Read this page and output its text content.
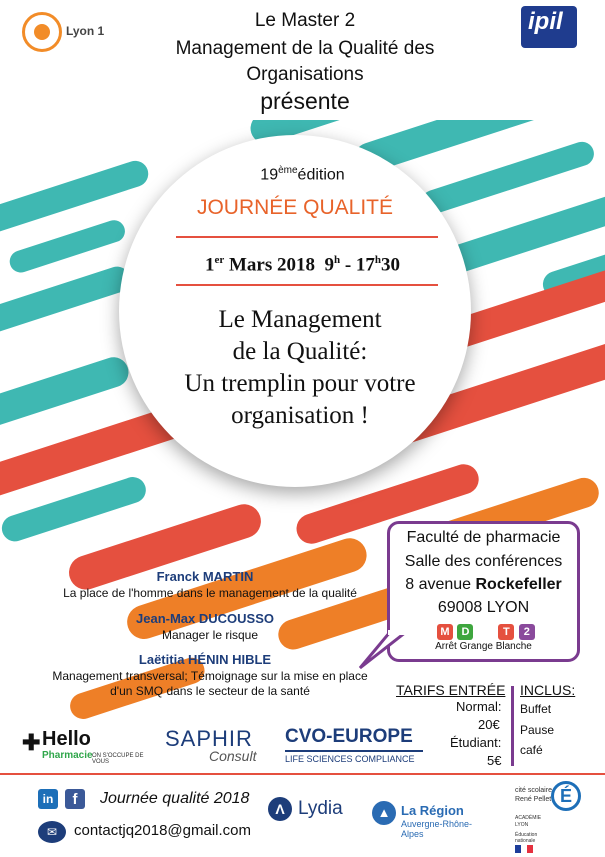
Lyon 1	ipil
Le Master 2
Management de la Qualité des
Organisations
présente
19èmeédition
JOURNÉE QUALITÉ
1er Mars 2018 9$^h$ - 17$^h$30
Le Management
de la Qualité:
Un tremplin pour votre
organisation !
Faculté de pharmacie
Salle des conférences
8 avenue Rockefeller
69008 LYON
M D	T 2
Arrêt Grange Blanche
Franck MARTIN
La place de l'homme dans le management de la qualité
Jean-Max DUCOUSSO
Manager le risque
Laëtitia HÉNIN HIBLE
Management transversal; Témoignage sur la mise en place
d'un SMQ dans le secteur de la santé	TARIFS ENTRÉE
Normal:
20€
Étudiant:
5€
INCLUS:
Buffet
Pause
café
✚ Hello
Pharmacie ON S'OCCUPE DE VOUS
SAPHIR
Consult
CVO-EUROPE
LIFE SCIENCES COMPLIANCE
in	f	Journée qualité 2018
✉	contactjq2018@gmail.com
Λ Lydia	▲ La Région
Auvergne-Rhône-Alpes
cité scolaire
René Pellet É
ACADÉMIE
LYON
Éducation
nationale
